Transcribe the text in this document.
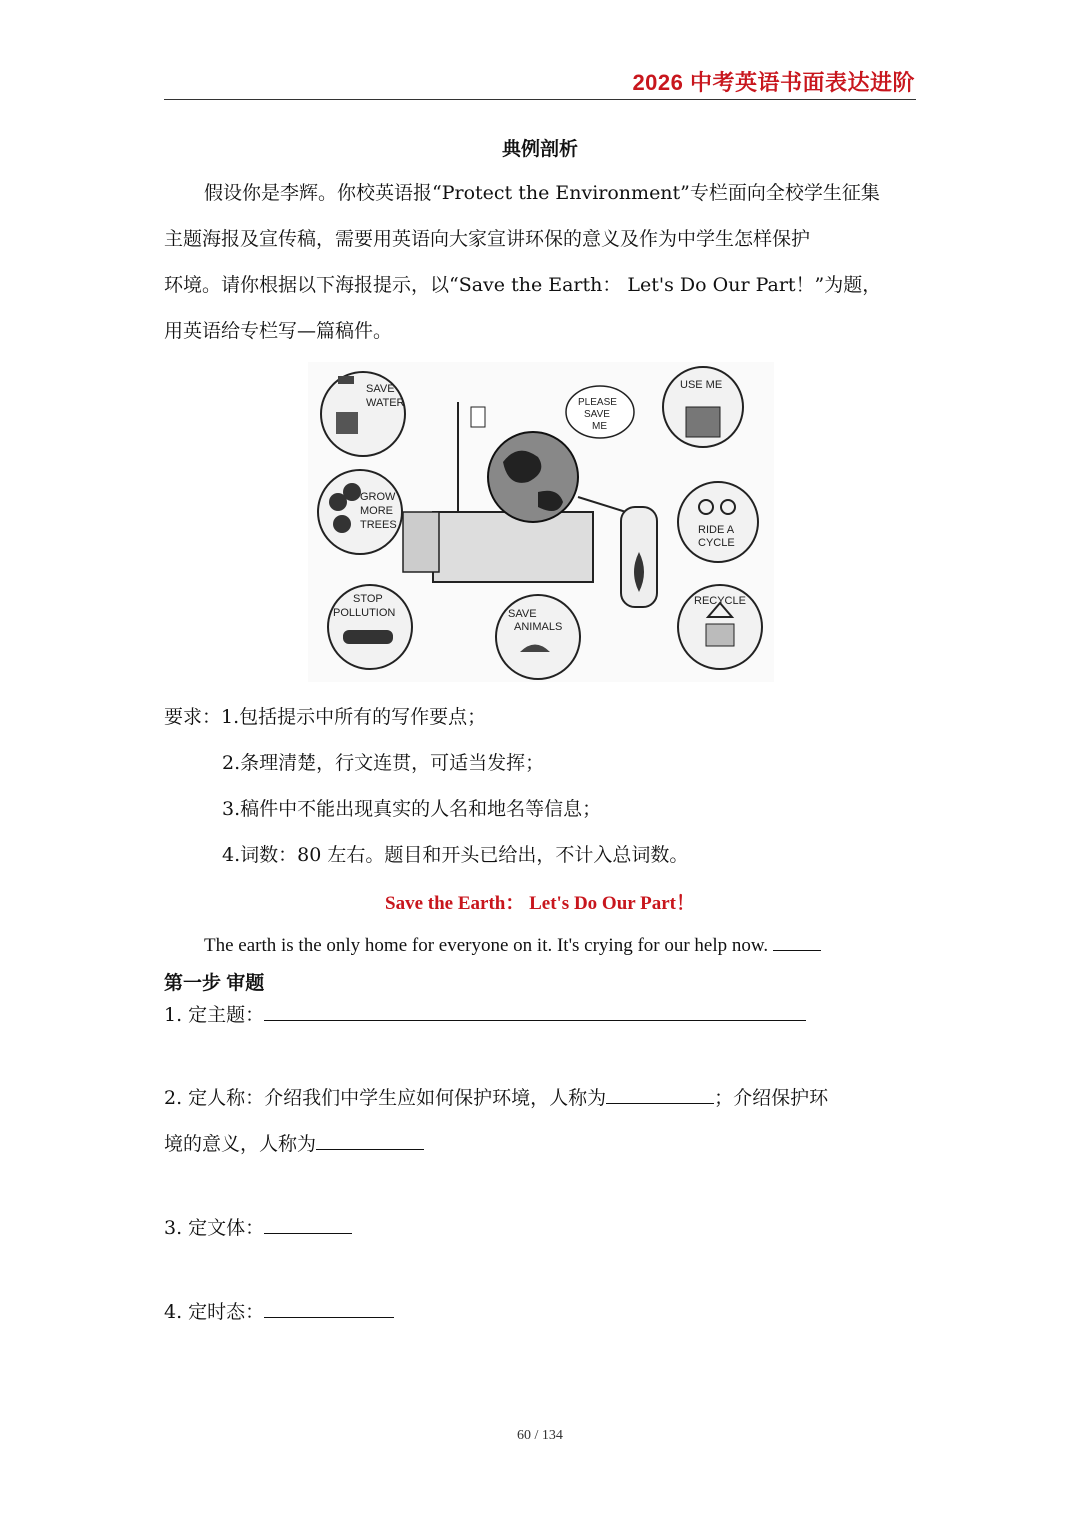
2026 中考英语书面表达进阶
典例剖析
假设你是李辉。你校英语报“Protect the Environment”专栏面向全校学生征集
主题海报及宣传稿，需要用英语向大家宣讲环保的意义及作为中学生怎样保护
环境。请你根据以下海报提示，以“Save the Earth： Let's Do Our Part！”为题，
用英语给专栏写—篇稿件。
SAVE
WATER
USE ME
PLEASE
SAVE
ME
GROW
MORE
TREES	RIDE A
CYCLE
STOP
POLLUTION	SAVE
ANIMALS
RECYCLE
要求：1.包括提示中所有的写作要点；
2.条理清楚，行文连贯，可适当发挥；
3.稿件中不能出现真实的人名和地名等信息；
4.词数：80 左右。题目和开头已给出，不计入总词数。
Save the Earth： Let's Do Our Part！
The earth is the only home for everyone on it. It's crying for our help now.
第一步 审题
1. 定主题：
2. 定人称：介绍我们中学生应如何保护环境，人称为	；介绍保护环
境的意义，人称为
3. 定文体：
4. 定时态：
60 / 134
